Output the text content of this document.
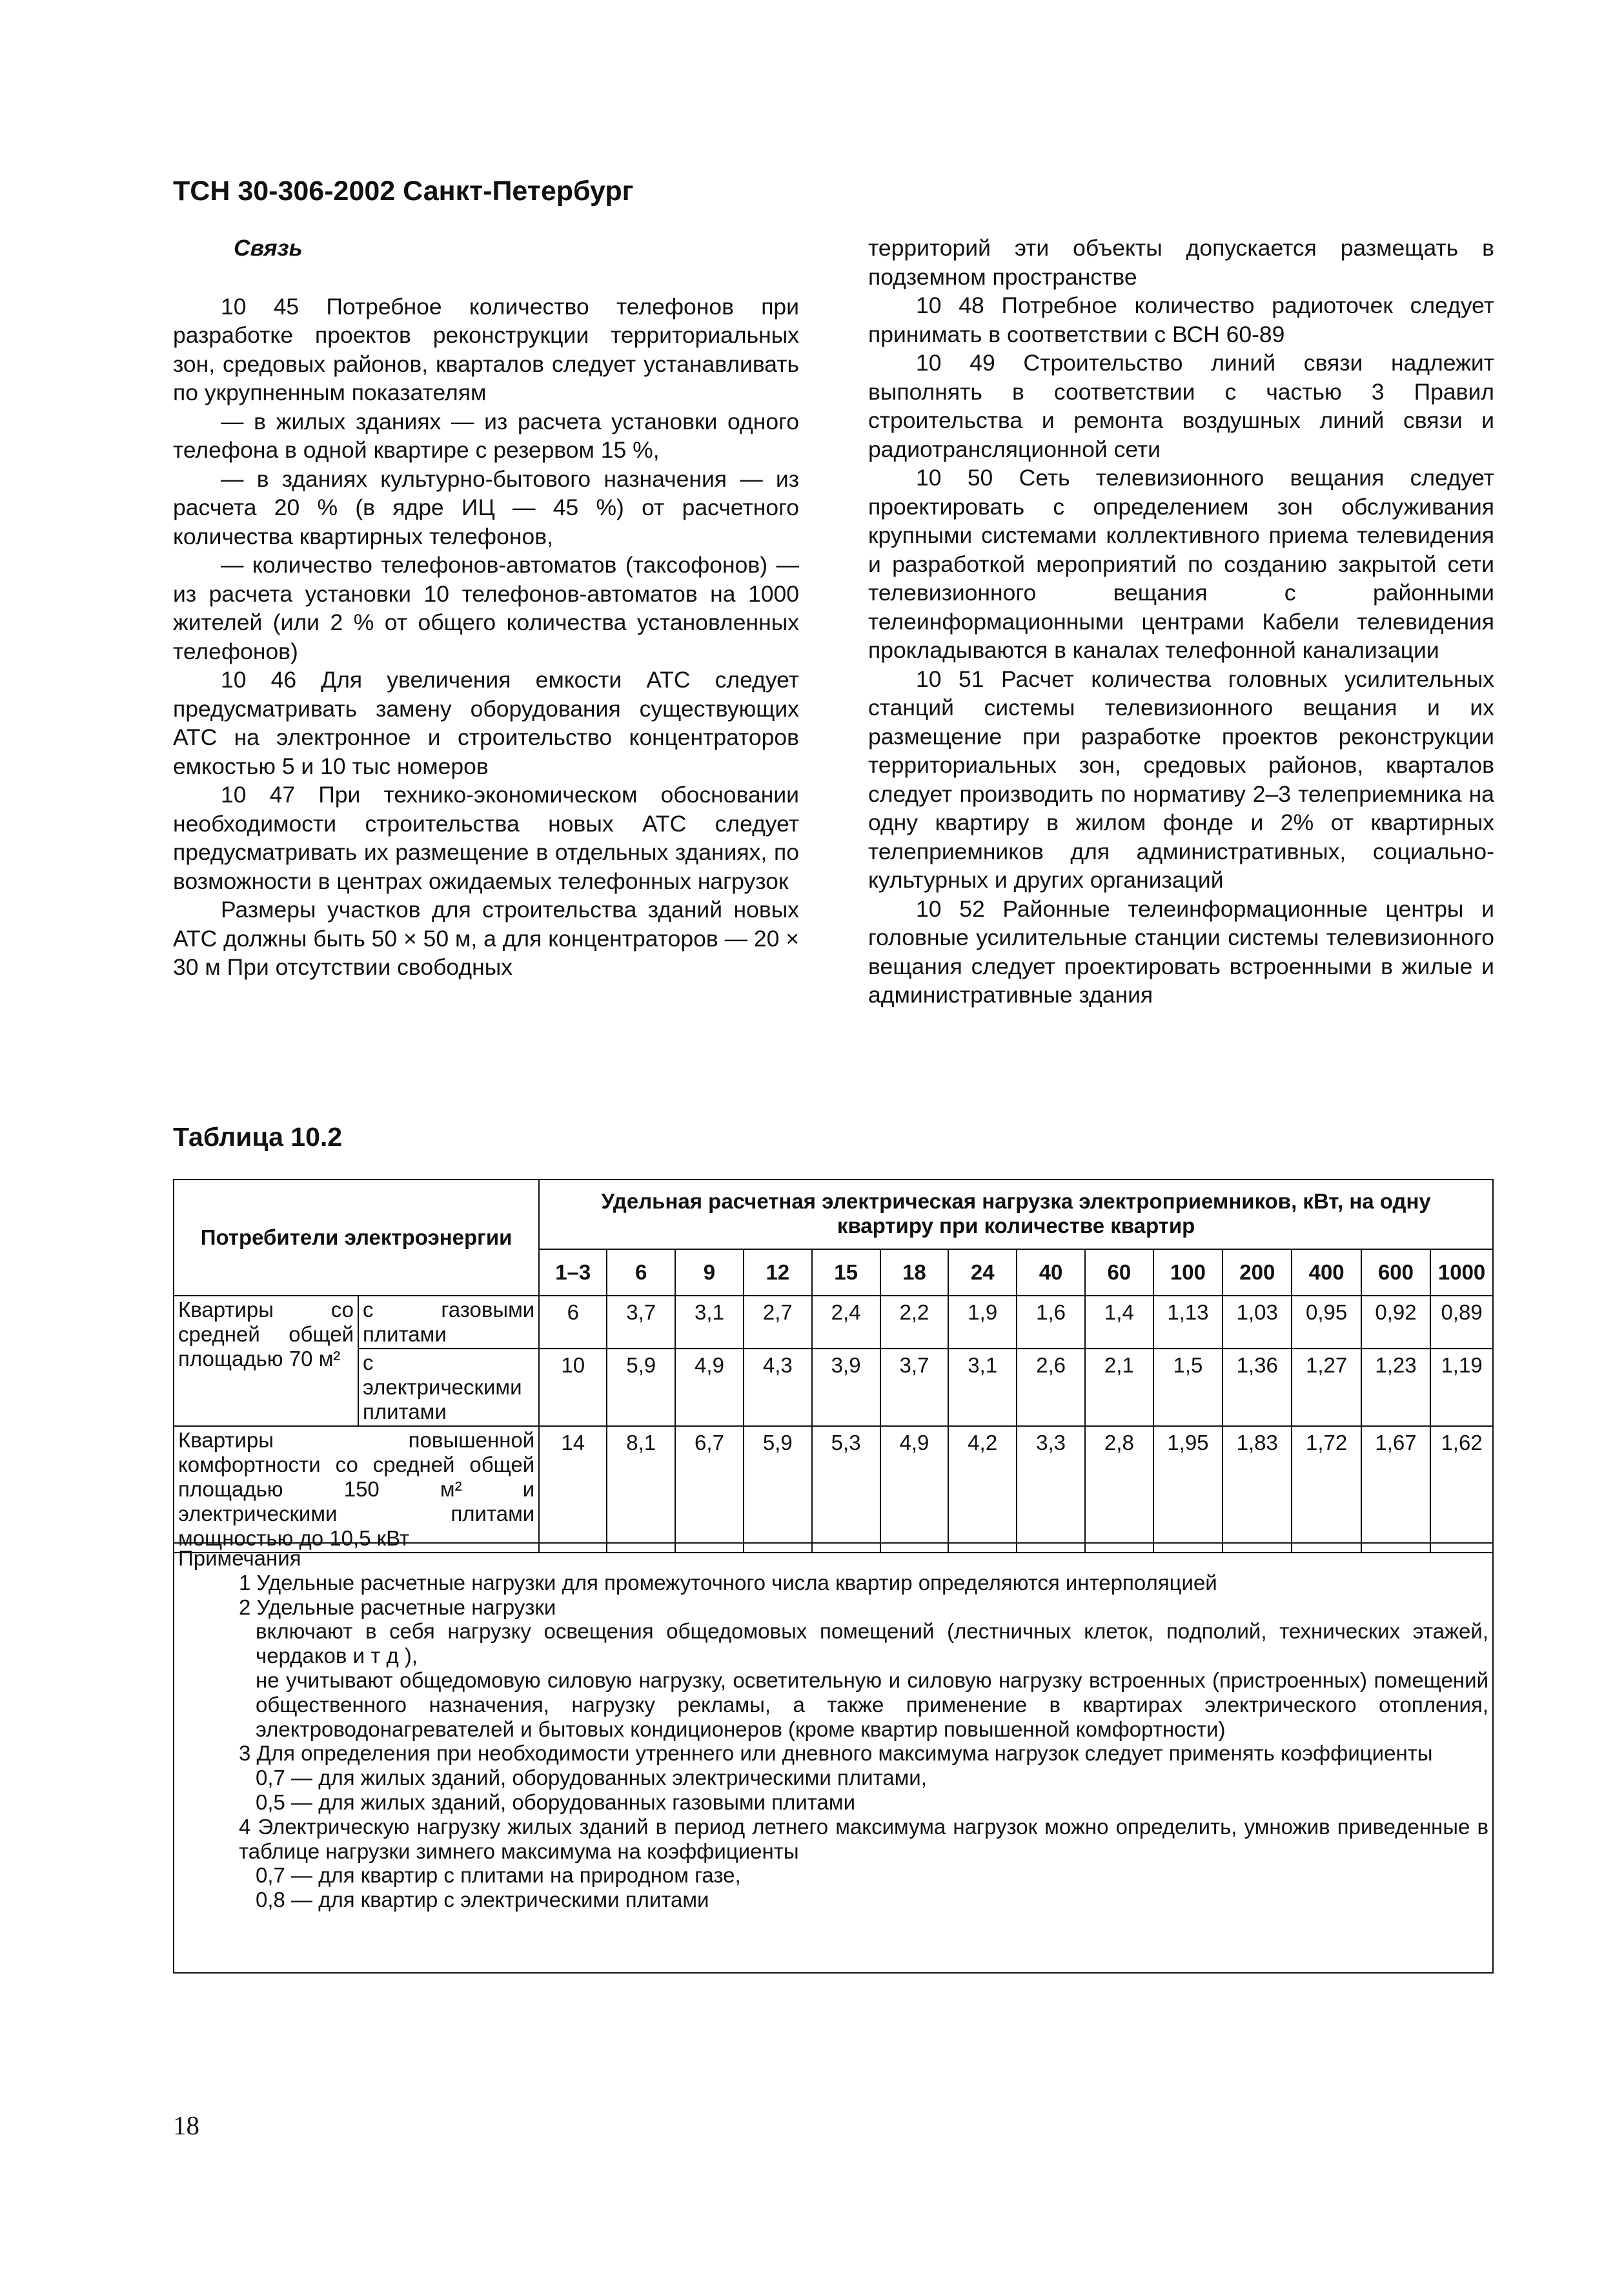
ТСН 30-306-2002 Санкт-Петербург
Связь

10 45 Потребное количество телефонов при разработке проектов реконструкции территориальных зон, средовых районов, кварталов следует устанавливать по укрупненным показателям

— в жилых зданиях — из расчета установки одного телефона в одной квартире с резервом 15 %,

— в зданиях культурно-бытового назначения — из расчета 20 % (в ядре ИЦ — 45 %) от расчетного количества квартирных телефонов,

— количество телефонов-автоматов (таксофонов) — из расчета установки 10 телефонов-автоматов на 1000 жителей (или 2 % от общего количества установленных телефонов)

10 46 Для увеличения емкости АТС следует предусматривать замену оборудования существующих АТС на электронное и строительство концентраторов емкостью 5 и 10 тыс номеров

10 47 При технико-экономическом обосновании необходимости строительства новых АТС следует предусматривать их размещение в отдельных зданиях, по возможности в центрах ожидаемых телефонных нагрузок

Размеры участков для строительства зданий новых АТС должны быть 50 × 50 м, а для концентраторов — 20 × 30 м При отсутствии свободных

территорий эти объекты допускается размещать в подземном пространстве

10 48 Потребное количество радиоточек следует принимать в соответствии с ВСН 60-89

10 49 Строительство линий связи надлежит выполнять в соответствии с частью 3 Правил строительства и ремонта воздушных линий связи и радиотрансляционной сети

10 50 Сеть телевизионного вещания следует проектировать с определением зон обслуживания крупными системами коллективного приема телевидения и разработкой мероприятий по созданию закрытой сети телевизионного вещания с районными телеинформационными центрами Кабели телевидения прокладываются в каналах телефонной канализации

10 51 Расчет количества головных усилительных станций системы телевизионного вещания и их размещение при разработке проектов реконструкции территориальных зон, средовых районов, кварталов следует производить по нормативу 2–3 телеприемника на одну квартиру в жилом фонде и 2% от квартирных телеприемников для административных, социально-культурных и других организаций

10 52 Районные телеинформационные центры и головные усилительные станции системы телевизионного вещания следует проектировать встроенными в жилые и административные здания

Таблица 10.2
Потребители электроэнергии		Удельная расчетная электрическая нагрузка электроприемников, кВт, на одну квартиру при количестве квартир													
		1–3	6	9	12	15	18	24	40	60	100	200	400	600	1000
Квартиры со средней общей площадью 70 м²	с газовыми плитами	6	3,7	3,1	2,7	2,4	2,2	1,9	1,6	1,4	1,13	1,03	0,95	0,92	0,89
	с электрическими плитами	10	5,9	4,9	4,3	3,9	3,7	3,1	2,6	2,1	1,5	1,36	1,27	1,23	1,19
Квартиры повышенной комфортности со средней общей площадью 150 м² и электрическими плитами мощностью до 10,5 кВт		14	8,1	6,7	5,9	5,3	4,9	4,2	3,3	2,8	1,95	1,83	1,72	1,67	1,62
Примечания
1 Удельные расчетные нагрузки для промежуточного числа квартир определяются интерполяцией
2 Удельные расчетные нагрузки
включают в себя нагрузку освещения общедомовых помещений (лестничных клеток, подполий, технических этажей, чердаков и т д ),
не учитывают общедомовую силовую нагрузку, осветительную и силовую нагрузку встроенных (пристроенных) помещений общественного назначения, нагрузку рекламы, а также применение в квартирах электрического отопления, электроводонагревателей и бытовых кондиционеров (кроме квартир повышенной комфортности)
3 Для определения при необходимости утреннего или дневного максимума нагрузок следует применять коэффициенты
0,7 — для жилых зданий, оборудованных электрическими плитами,
0,5 — для жилых зданий, оборудованных газовыми плитами
4 Электрическую нагрузку жилых зданий в период летнего максимума нагрузок можно определить, умножив приведенные в таблице нагрузки зимнего максимума на коэффициенты
0,7 — для квартир с плитами на природном газе,
0,8 — для квартир с электрическими плитами
18
